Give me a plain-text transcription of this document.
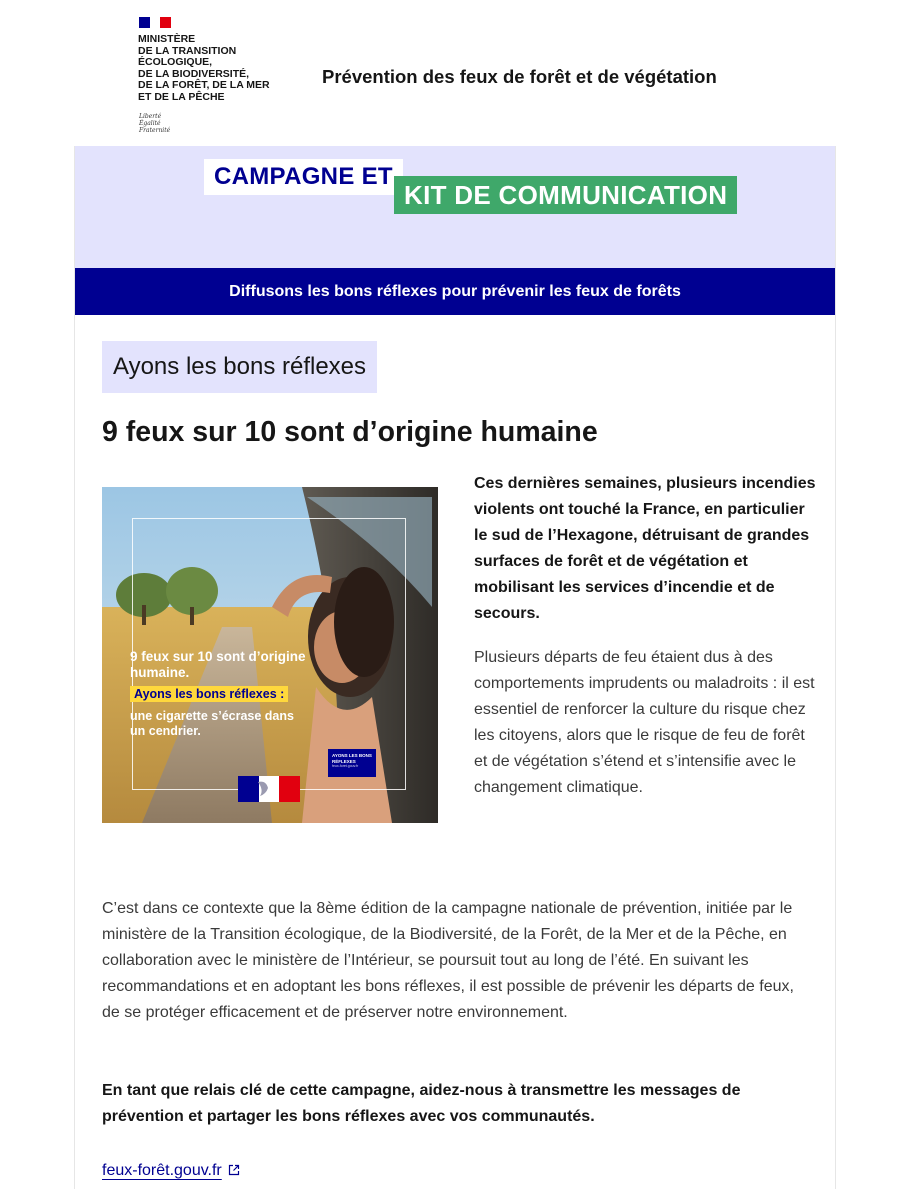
MINISTÈRE
DE LA TRANSITION
ÉCOLOGIQUE,
DE LA BIODIVERSITÉ,
DE LA FORÊT, DE LA MER
ET DE LA PÊCHE
Liberté
Égalité
Fraternité
Prévention des feux de forêt et de végétation
CAMPAGNE ET
KIT DE COMMUNICATION
Diffusons les bons réflexes pour prévenir les feux de forêts
Ayons les bons réflexes
9 feux sur 10 sont d’origine humaine
9 feux sur 10 sont d’origine humaine.
Ayons les bons réflexes :
une cigarette s’écrase dans un cendrier.
AYONS LES BONS RÉFLEXES
feux-foret.gouv.fr

Ces dernières semaines, plusieurs incendies violents ont touché la France, en particulier le sud de l’Hexagone, détruisant de grandes surfaces de forêt et de végétation et mobilisant les services d’incendie et de secours.

Plusieurs départs de feu étaient dus à des comportements imprudents ou maladroits : il est essentiel de renforcer la culture du risque chez les citoyens, alors que le risque de feu de forêt et de végétation s’étend et s’intensifie avec le changement climatique.

C’est dans ce contexte que la 8ème édition de la campagne nationale de prévention, initiée par le ministère de la Transition écologique, de la Biodiversité, de la Forêt, de la Mer et de la Pêche, en collaboration avec le ministère de l’Intérieur, se poursuit tout au long de l’été. En suivant les recommandations et en adoptant les bons réflexes, il est possible de prévenir les départs de feux, de se protéger efficacement et de préserver notre environnement.

En tant que relais clé de cette campagne, aidez-nous à transmettre les messages de prévention et partager les bons réflexes avec vos communautés.

feux-forêt.gouv.fr
